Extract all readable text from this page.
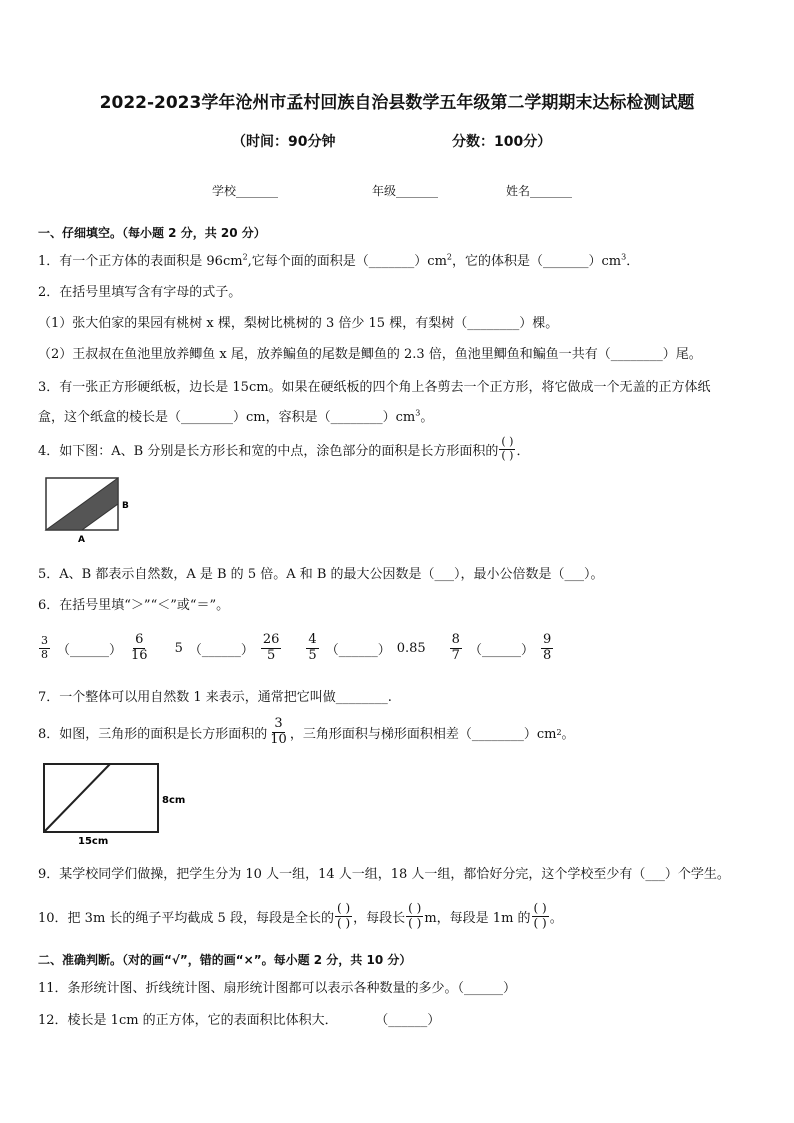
2022-2023学年沧州市孟村回族自治县数学五年级第二学期期末达标检测试题
（时间：90分钟	分数：100分）
学校_______	年级_______	姓名_______
一、仔细填空。（每小题 2 分，共 20 分）
1．有一个正方体的表面积是 $96cm^2$,它每个面的面积是$(\_\_\_\_\_\_\_)cm^2$，它的体积是$(\_\_\_\_\_\_\_)cm^3$．
2．在括号里填写含有字母的式子。
（1）张大伯家的果园有桃树 x 棵，梨树比桃树的 3 倍少 15 棵，有梨树（________）棵。
（2）王叔叔在鱼池里放养鲫鱼 x 尾，放养鳊鱼的尾数是鲫鱼的 2.3 倍，鱼池里鲫鱼和鳊鱼一共有（________）尾。
3．有一张正方形硬纸板，边长是 15cm。如果在硬纸板的四个角上各剪去一个正方形，将它做成一个无盖的正方体纸
盒，这个纸盒的棱长是（________）cm，容积是$(\_\_\_\_\_\_\_\_)cm^3$。
4．如下图：A、B 分别是长方形长和宽的中点，涂色部分的面积是长方形面积的 $\frac{( )}{( )}$ ．
B
A
5．A、B 都表示自然数，A 是 B 的 5 倍。A 和 B 的最大公因数是（___），最小公倍数是（___）。
6．在括号里填“＞”“＜”或“＝”。
$\frac{3}{8}$ （______） $\frac{6}{16} 5$ （______） $\frac{26}{5} \frac{4}{5}$ （______） $0.85 \frac{8}{7}$ （______） $\frac{9}{8}$
7．一个整体可以用自然数 1 来表示，通常把它叫做________.
8．如图，三角形的面积是长方形面积的 $\frac{3}{10}$ ，三角形面积与梯形面积相差（________）cm 2 。
8cm
15cm
9．某学校同学们做操，把学生分为 10 人一组，14 人一组，18 人一组，都恰好分完，这个学校至少有（___）个学生。
10．把 3m 长的绳子平均截成 5 段，每段是全长的 $\frac{( )}{( )}$ ，每段长 $\frac{( )}{( )}$ m，每段是 1m 的 $\frac{( )}{( )}$ 。
二、准确判断。（对的画“√”，错的画“×”。每小题 2 分，共 10 分）
11．条形统计图、折线统计图、扇形统计图都可以表示各种数量的多少。（______）
12．棱长是 1cm 的正方体，它的表面积比体积大．	（______）
